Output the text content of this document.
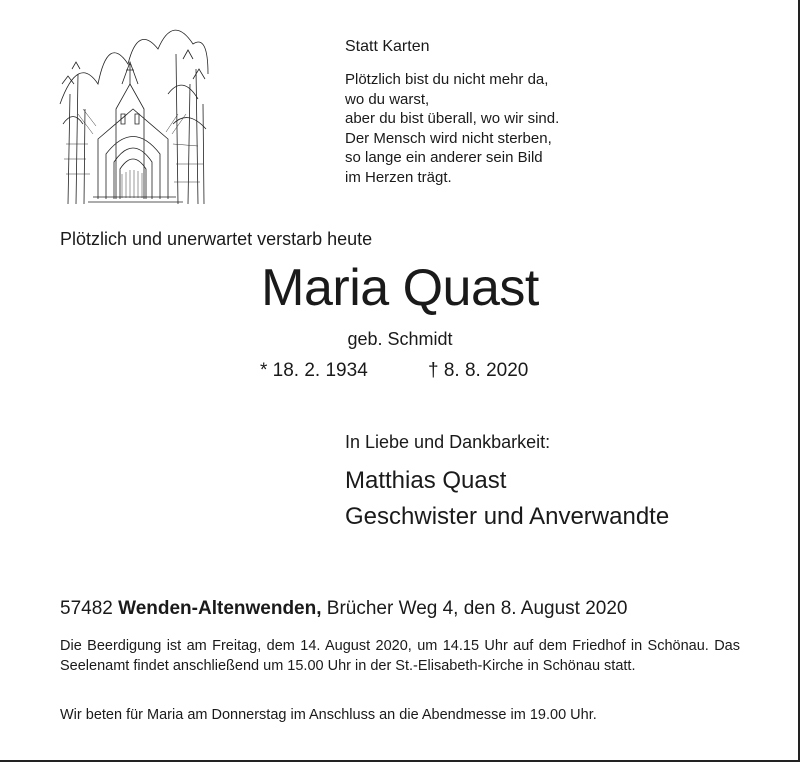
Statt Karten
Plötzlich bist du nicht mehr da,
wo du warst,
aber du bist überall, wo wir sind.
Der Mensch wird nicht sterben,
so lange ein anderer sein Bild
im Herzen trägt.
Plötzlich und unerwartet verstarb heute
Maria Quast
geb. Schmidt
* 18. 2. 1934	† 8. 8. 2020
In Liebe und Dankbarkeit:
Matthias Quast
Geschwister und Anverwandte
57482 Wenden-Altenwenden, Brücher Weg 4, den 8. August 2020
Die Beerdigung ist am Freitag, dem 14. August 2020, um 14.15 Uhr auf dem Friedhof in Schönau. Das Seelenamt findet anschließend um 15.00 Uhr in der St.-Elisabeth-Kirche in Schönau statt.
Wir beten für Maria am Donnerstag im Anschluss an die Abendmesse im 19.00 Uhr.
